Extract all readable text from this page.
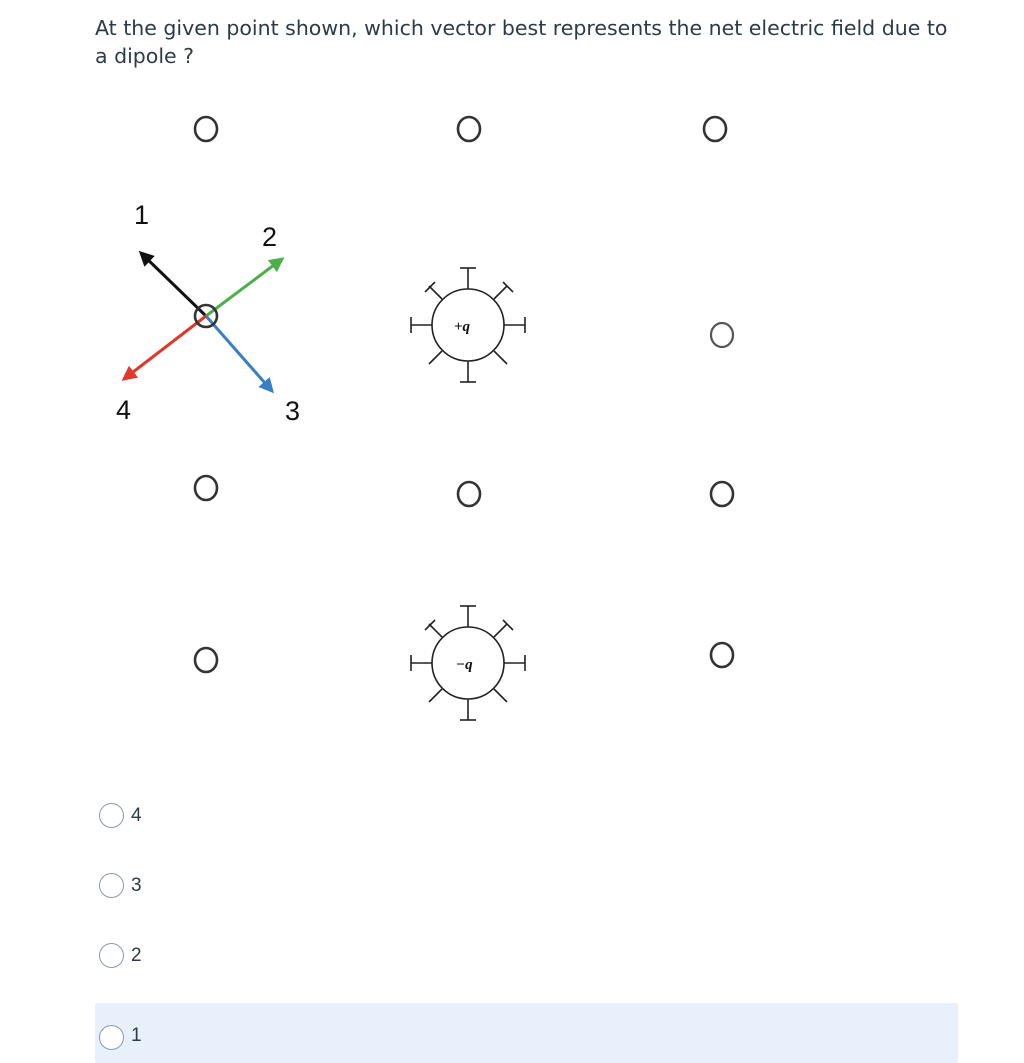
At the given point shown, which vector best represents the net electric field due to a dipole ?

1
2
3
4
+q
−q
4
3
2
1
